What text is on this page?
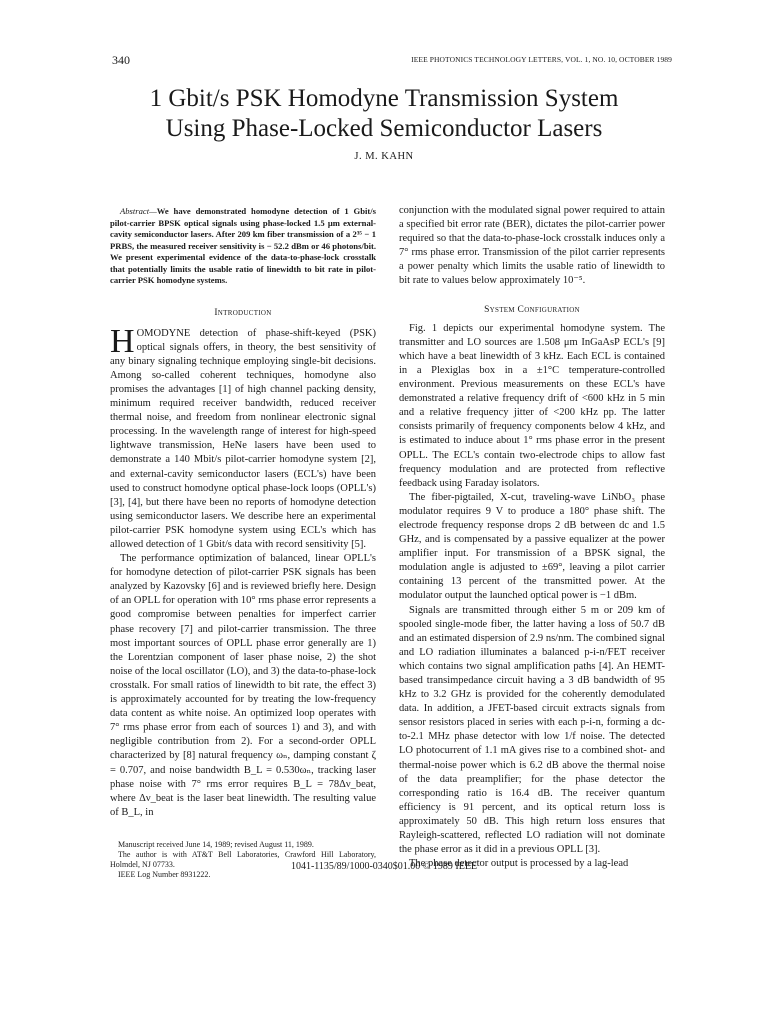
340	IEEE PHOTONICS TECHNOLOGY LETTERS, VOL. 1, NO. 10, OCTOBER 1989
1 Gbit/s PSK Homodyne Transmission System
Using Phase-Locked Semiconductor Lasers
J. M. KAHN

Abstract—We have demonstrated homodyne detection of 1 Gbit/s pilot-carrier BPSK optical signals using phase-locked 1.5 μm external-cavity semiconductor lasers. After 209 km fiber transmission of a 2³⁵ − 1 PRBS, the measured receiver sensitivity is − 52.2 dBm or 46 photons/bit. We present experimental evidence of the data-to-phase-lock crosstalk that potentially limits the usable ratio of linewidth to bit rate in pilot-carrier PSK homodyne systems.

Introduction

HOMODYNE detection of phase-shift-keyed (PSK) optical signals offers, in theory, the best sensitivity of any binary signaling technique employing single-bit decisions. Among so-called coherent techniques, homodyne also promises the advantages [1] of high channel packing density, minimum required receiver bandwidth, reduced receiver thermal noise, and freedom from nonlinear electronic signal processing. In the wavelength range of interest for high-speed lightwave transmission, HeNe lasers have been used to demonstrate a 140 Mbit/s pilot-carrier homodyne system [2], and external-cavity semiconductor lasers (ECL's) have been used to construct homodyne optical phase-lock loops (OPLL's) [3], [4], but there have been no reports of homodyne detection using semiconductor lasers. We describe here an experimental pilot-carrier PSK homodyne system using ECL's which has allowed detection of 1 Gbit/s data with record sensitivity [5].

The performance optimization of balanced, linear OPLL's for homodyne detection of pilot-carrier PSK signals has been analyzed by Kazovsky [6] and is reviewed briefly here. Design of an OPLL for operation with 10° rms phase error represents a good compromise between penalties for imperfect carrier phase recovery [7] and pilot-carrier transmission. The three most important sources of OPLL phase error generally are 1) the Lorentzian component of laser phase noise, 2) the shot noise of the local oscillator (LO), and 3) the data-to-phase-lock crosstalk. For small ratios of linewidth to bit rate, the effect 3) is approximately accounted for by treating the low-frequency data content as white noise. An optimized loop operates with 7° rms phase error from each of sources 1) and 3), and with negligible contribution from 2). For a second-order OPLL characterized by [8] natural frequency ωₙ, damping constant ζ = 0.707, and noise bandwidth B_L = 0.530ωₙ, tracking laser phase noise with 7° rms error requires B_L = 78Δν_beat, where Δν_beat is the laser beat linewidth. The resulting value of B_L, in

Manuscript received June 14, 1989; revised August 11, 1989.

The author is with AT&T Bell Laboratories, Crawford Hill Laboratory, Holmdel, NJ 07733.

IEEE Log Number 8931222.

conjunction with the modulated signal power required to attain a specified bit error rate (BER), dictates the pilot-carrier power required so that the data-to-phase-lock crosstalk induces only a 7° rms phase error. Transmission of the pilot carrier represents a power penalty which limits the usable ratio of linewidth to bit rate to values below approximately 10⁻⁵.

System Configuration

Fig. 1 depicts our experimental homodyne system. The transmitter and LO sources are 1.508 μm InGaAsP ECL's [9] which have a beat linewidth of 3 kHz. Each ECL is contained in a Plexiglas box in a ±1°C temperature-controlled environment. Previous measurements on these ECL's have demonstrated a relative frequency drift of <600 kHz in 5 min and a relative frequency jitter of <200 kHz pp. The latter consists primarily of frequency components below 4 kHz, and is estimated to induce about 1° rms phase error in the present OPLL. The ECL's contain two-electrode chips to allow fast frequency modulation and are protected from reflective feedback using Faraday isolators.

The fiber-pigtailed, X-cut, traveling-wave LiNbO₃ phase modulator requires 9 V to produce a 180° phase shift. The electrode frequency response drops 2 dB between dc and 1.5 GHz, and is compensated by a passive equalizer at the power amplifier input. For transmission of a BPSK signal, the modulation angle is adjusted to ±69°, leaving a pilot carrier containing 13 percent of the transmitted power. At the modulator output the launched optical power is −1 dBm.

Signals are transmitted through either 5 m or 209 km of spooled single-mode fiber, the latter having a loss of 50.7 dB and an estimated dispersion of 2.9 ns/nm. The combined signal and LO radiation illuminates a balanced p-i-n/FET receiver which contains two signal amplification paths [4]. An HEMT-based transimpedance circuit having a 3 dB bandwidth of 95 kHz to 3.2 GHz is provided for the coherently demodulated data. In addition, a JFET-based circuit extracts signals from sensor resistors placed in series with each p-i-n, forming a dc-to-2.1 MHz phase detector with low 1/f noise. The detected LO photocurrent of 1.1 mA gives rise to a combined shot- and thermal-noise power which is 6.2 dB above the thermal noise of the data preamplifier; for the phase detector the corresponding ratio is 16.4 dB. The receiver quantum efficiency is 91 percent, and its optical return loss is approximately 50 dB. This high return loss ensures that Rayleigh-scattered, reflected LO radiation will not dominate the phase error as it did in a previous OPLL [3].

The phase detector output is processed by a lag-lead

1041-1135/89/1000-0340$01.00 © 1989 IEEE
